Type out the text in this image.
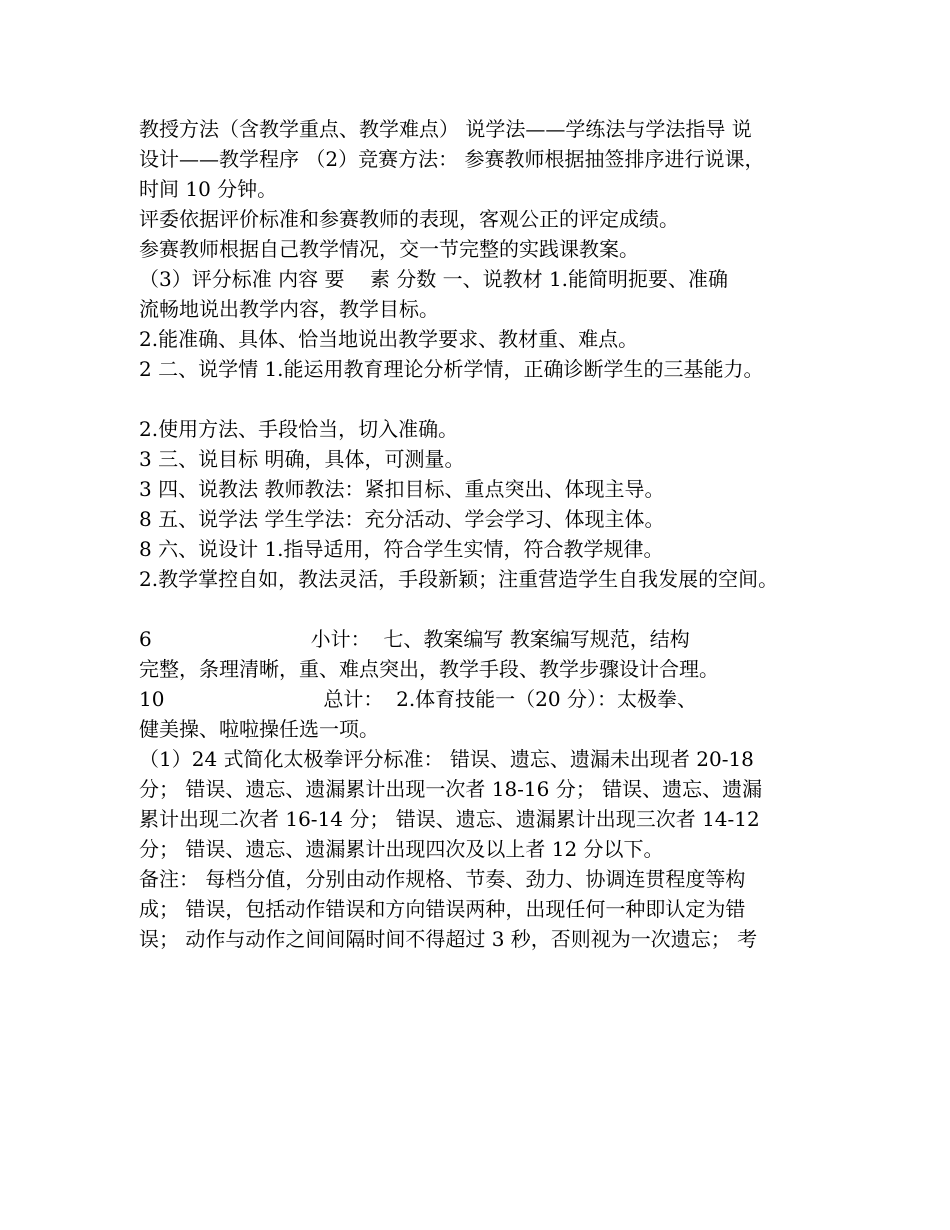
教授方法（含教学重点、教学难点） 说学法——学练法与学法指导 说
设计——教学程序 （2）竞赛方法： 参赛教师根据抽签排序进行说课，
时间 10 分钟。
评委依据评价标准和参赛教师的表现，客观公正的评定成绩。
参赛教师根据自己教学情况，交一节完整的实践课教案。
（3）评分标准 内容 要    素 分数 一、说教材 1.能简明扼要、准确
流畅地说出教学内容，教学目标。
2.能准确、具体、恰当地说出教学要求、教材重、难点。
2 二、说学情 1.能运用教育理论分析学情，正确诊断学生的三基能力。
2.使用方法、手段恰当，切入准确。
3 三、说目标 明确，具体，可测量。
3 四、说教法 教师教法：紧扣目标、重点突出、体现主导。
8 五、说学法 学生学法：充分活动、学会学习、体现主体。
8 六、说设计 1.指导适用，符合学生实情，符合教学规律。
2.教学掌控自如，教法灵活，手段新颖；注重营造学生自我发展的空间。
6                         小计：  七、教案编写 教案编写规范，结构
完整，条理清晰，重、难点突出，教学手段、教学步骤设计合理。
10                         总计：  2.体育技能一（20 分）：太极拳、
健美操、啦啦操任选一项。
（1）24 式简化太极拳评分标准： 错误、遗忘、遗漏未出现者 20-18
分； 错误、遗忘、遗漏累计出现一次者 18-16 分； 错误、遗忘、遗漏
累计出现二次者 16-14 分； 错误、遗忘、遗漏累计出现三次者 14-12
分； 错误、遗忘、遗漏累计出现四次及以上者 12 分以下。
备注： 每档分值，分别由动作规格、节奏、劲力、协调连贯程度等构
成； 错误，包括动作错误和方向错误两种，出现任何一种即认定为错
误； 动作与动作之间间隔时间不得超过 3 秒，否则视为一次遗忘； 考
